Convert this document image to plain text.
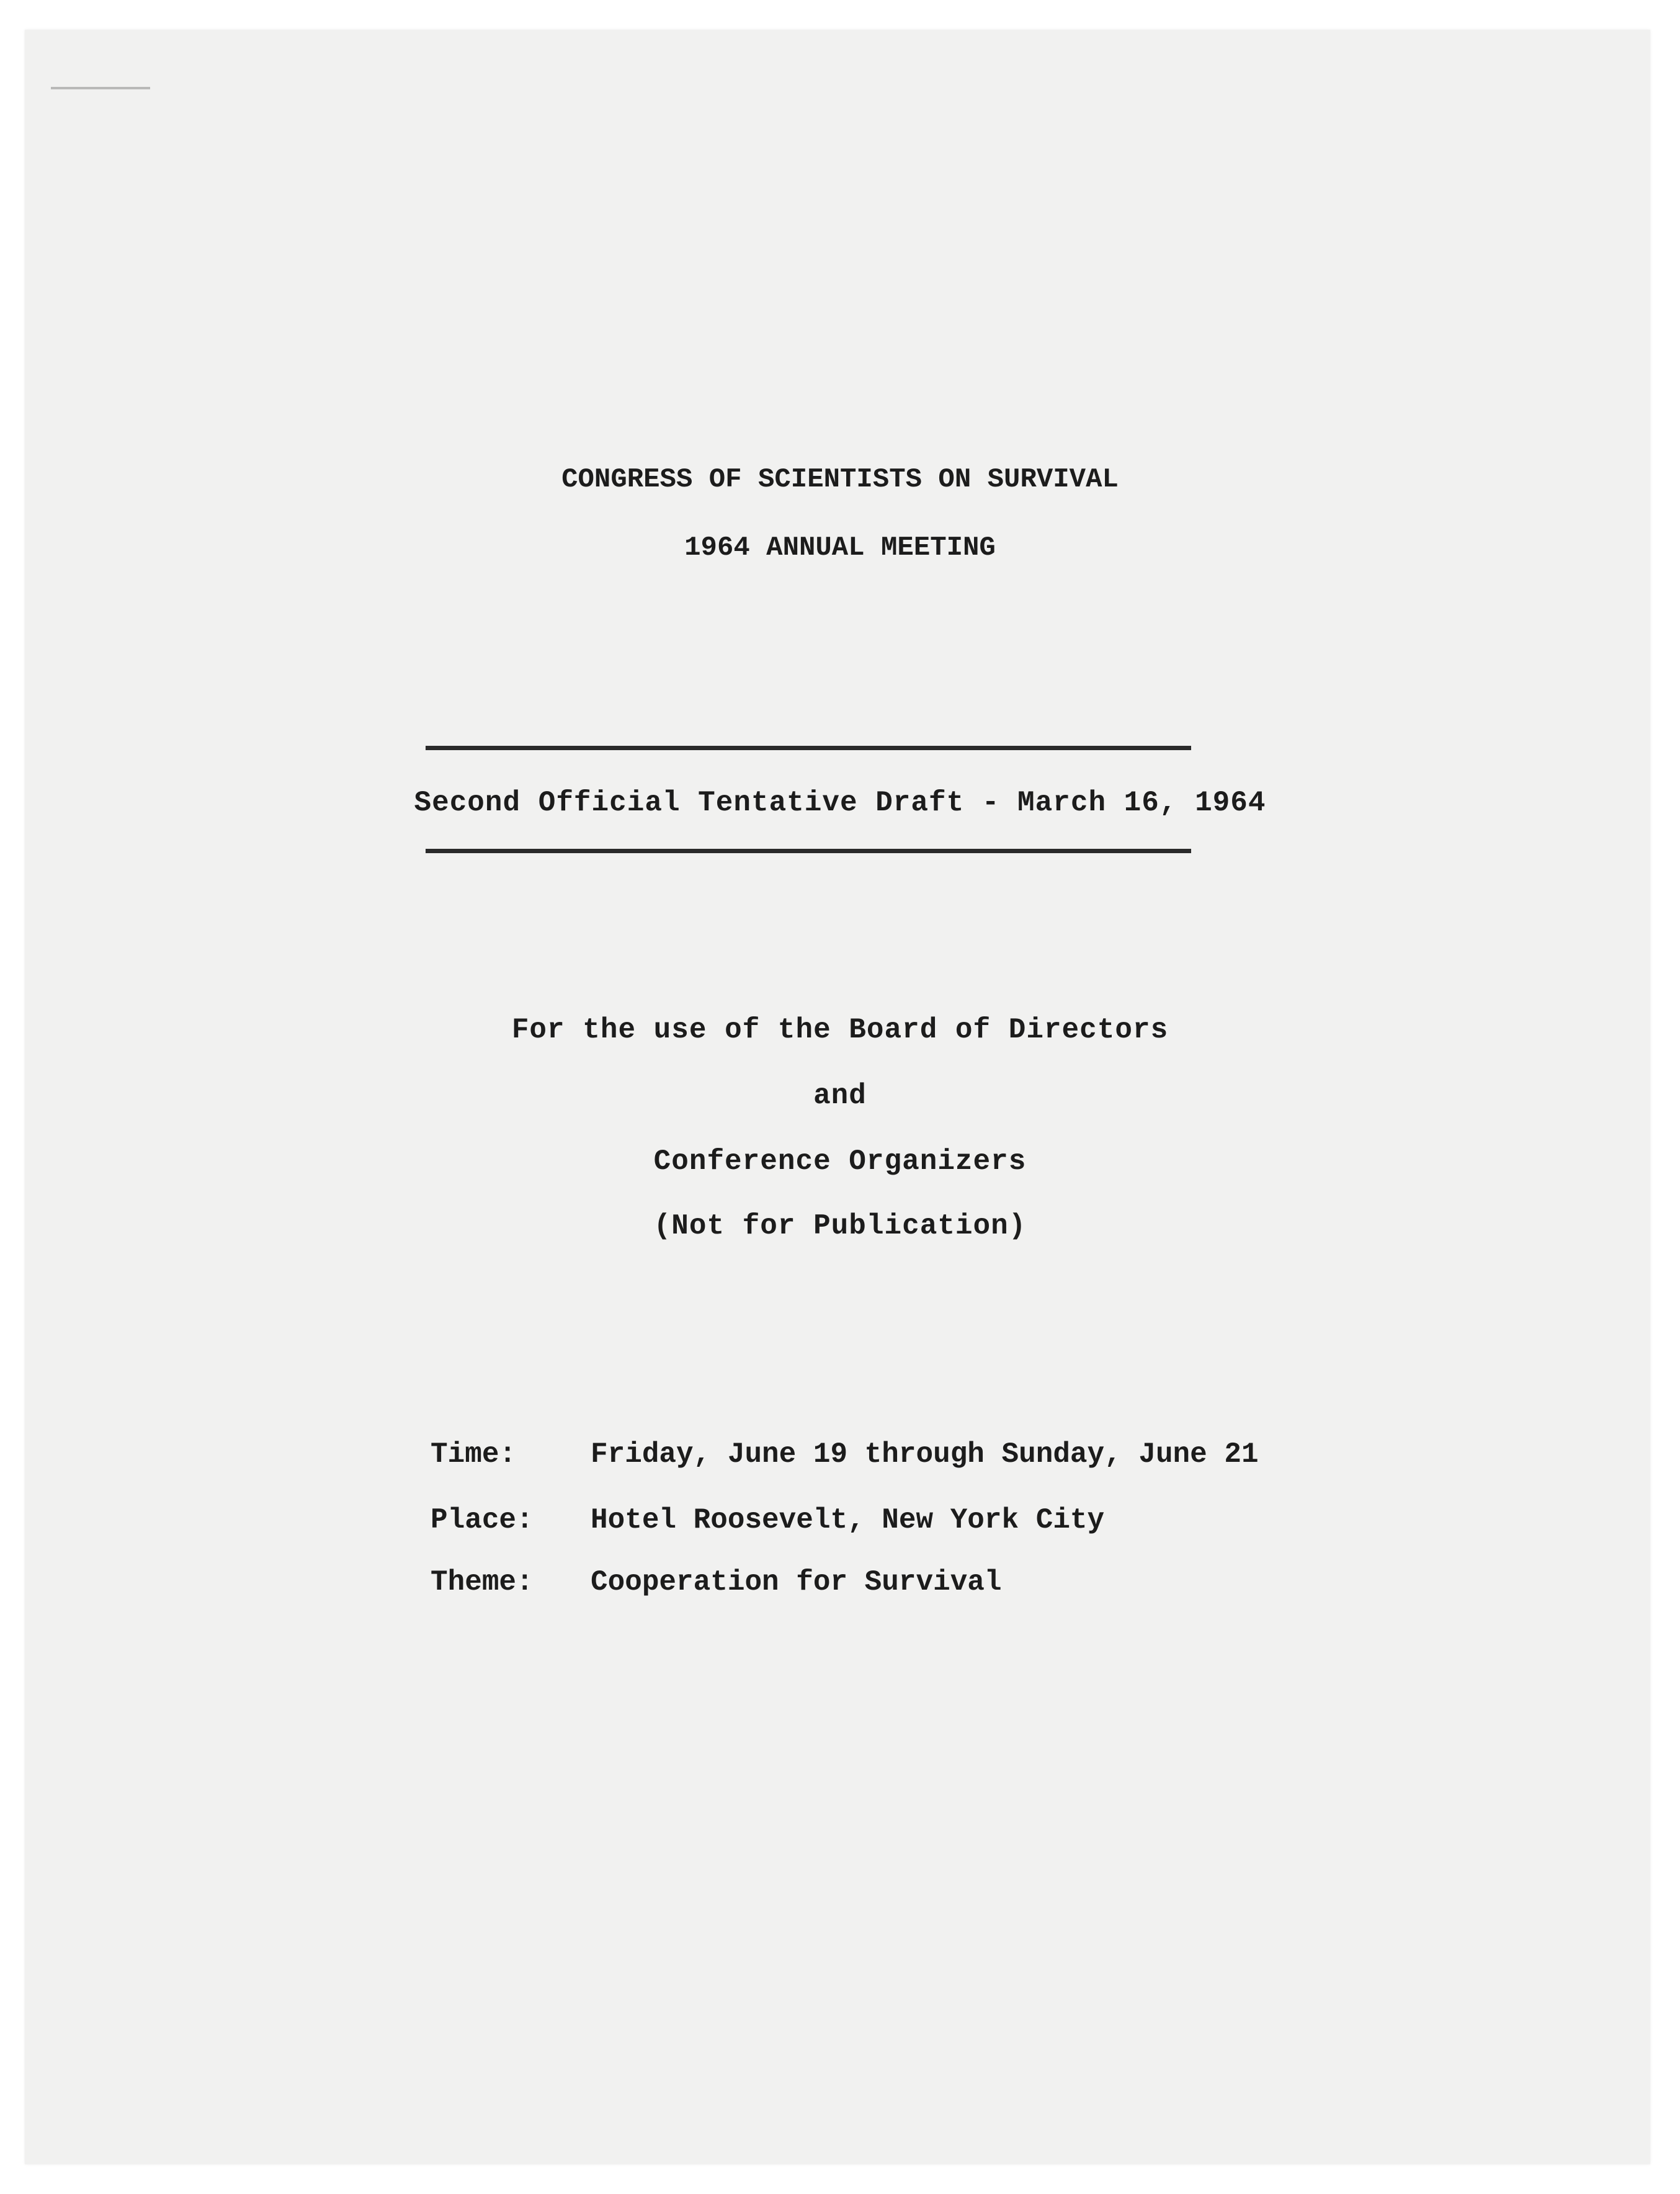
CONGRESS OF SCIENTISTS ON SURVIVAL
1964 ANNUAL MEETING
Second Official Tentative Draft - March 16, 1964
For the use of the Board of Directors
and
Conference Organizers
(Not for Publication)
Time:	Friday, June 19 through Sunday, June 21
Place: Hotel Roosevelt, New York City
Theme: Cooperation for Survival
